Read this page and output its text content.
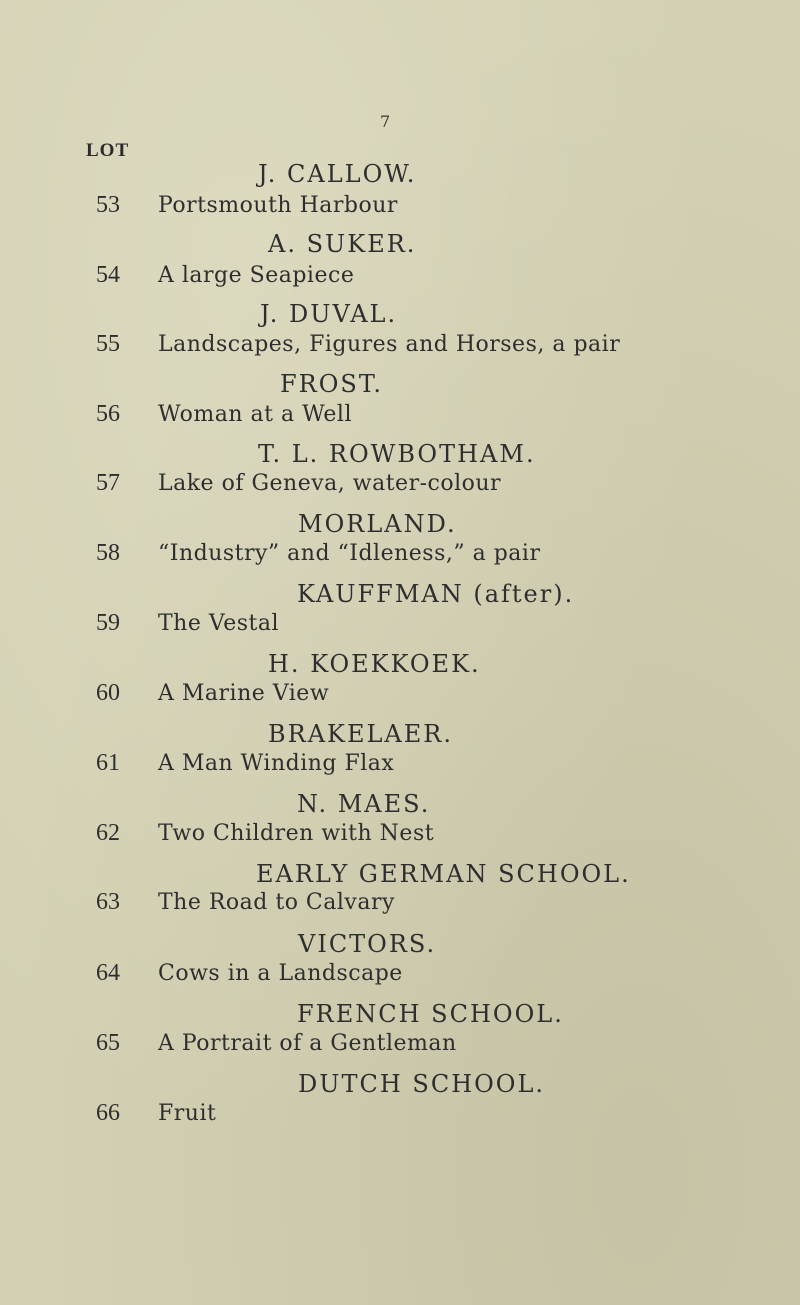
7
LOT
J. CALLOW.
53 Portsmouth Harbour
A. SUKER.
54 A large Seapiece
J. DUVAL.
55 Landscapes, Figures and Horses, a pair
FROST.
56 Woman at a Well
T. L. ROWBOTHAM.
57 Lake of Geneva, water-colour
MORLAND.
58 “Industry” and “Idleness,” a pair
KAUFFMAN (after).
59 The Vestal
H. KOEKKOEK.
60 A Marine View
BRAKELAER.
61 A Man Winding Flax
N. MAES.
62 Two Children with Nest
EARLY GERMAN SCHOOL.
63 The Road to Calvary
VICTORS.
64 Cows in a Landscape
FRENCH SCHOOL.
65 A Portrait of a Gentleman
DUTCH SCHOOL.
66 Fruit
